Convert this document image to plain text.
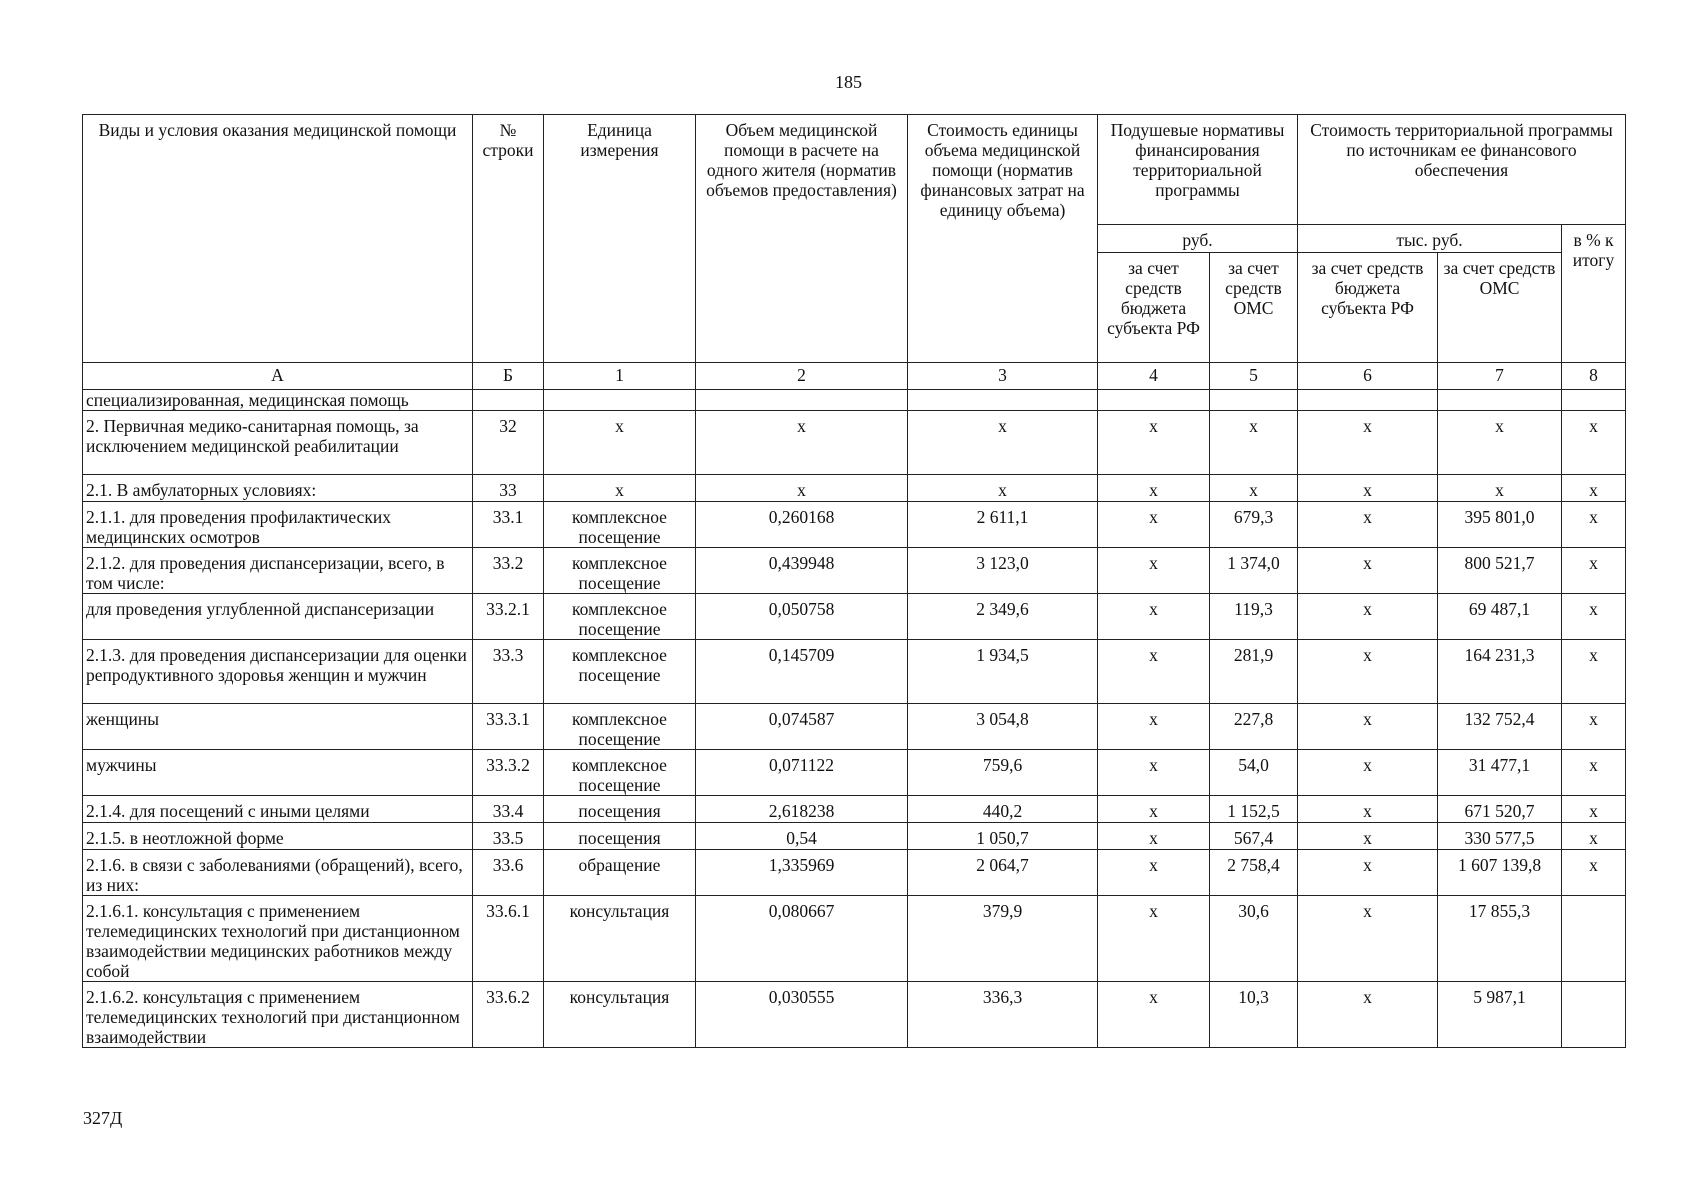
185
Виды и условия оказания медицинской помощи	№ строки	Единица измерения	Объем медицинской помощи в расчете на одного жителя (норматив объемов предоставления)	Стоимость единицы объема медицинской помощи (норматив финансовых затрат на единицу объема)	Подушевые нормативы финансирования территориальной программы		Стоимость территориальной программы по источникам ее финансового обеспечения		
					руб.		тыс. руб.		в % к итогу
					за счет средств бюджета субъекта РФ	за счет средств ОМС	за счет средств бюджета субъекта РФ	за счет средств ОМС	
А	Б	1	2	3	4	5	6	7	8
специализированная, медицинская помощь									
2. Первичная медико-санитарная помощь, за исключением медицинской реабилитации	32	х	х	х	х	х	х	х	х
2.1. В амбулаторных условиях:	33	х	х	х	х	х	х	х	х
2.1.1. для проведения профилактических медицинских осмотров	33.1	комплексное посещение	0,260168	2 611,1	х	679,3	х	395 801,0	х
2.1.2. для проведения диспансеризации, всего, в том числе:	33.2	комплексное посещение	0,439948	3 123,0	х	1 374,0	х	800 521,7	х
для проведения углубленной диспансеризации	33.2.1	комплексное посещение	0,050758	2 349,6	х	119,3	х	69 487,1	х
2.1.3. для проведения диспансеризации для оценки репродуктивного здоровья женщин и мужчин	33.3	комплексное посещение	0,145709	1 934,5	х	281,9	х	164 231,3	х
женщины	33.3.1	комплексное посещение	0,074587	3 054,8	х	227,8	х	132 752,4	х
мужчины	33.3.2	комплексное посещение	0,071122	759,6	х	54,0	х	31 477,1	х
2.1.4. для посещений с иными целями	33.4	посещения	2,618238	440,2	х	1 152,5	х	671 520,7	х
2.1.5. в неотложной форме	33.5	посещения	0,54	1 050,7	х	567,4	х	330 577,5	х
2.1.6. в связи с заболеваниями (обращений), всего, из них:	33.6	обращение	1,335969	2 064,7	х	2 758,4	х	1 607 139,8	х
2.1.6.1. консультация с применением телемедицинских технологий при дистанционном взаимодействии медицинских работников между собой	33.6.1	консультация	0,080667	379,9	х	30,6	х	17 855,3	
2.1.6.2. консультация с применением телемедицинских технологий при дистанционном взаимодействии	33.6.2	консультация	0,030555	336,3	х	10,3	х	5 987,1	
327Д
